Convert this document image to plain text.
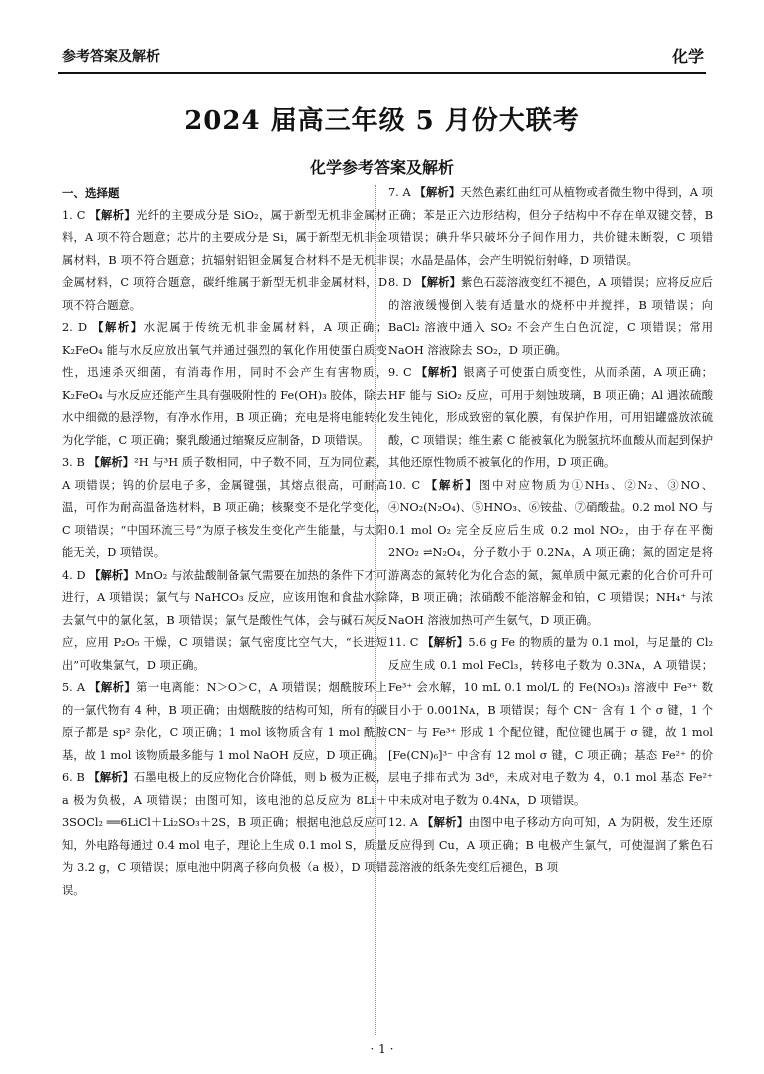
参考答案及解析	化学
2024 届高三年级 5 月份大联考
化学参考答案及解析
一、选择题

1. C 【解析】光纤的主要成分是 SiO₂，属于新型无机非金属材料，A 项不符合题意；芯片的主要成分是 Si，属于新型无机非金属材料，B 项不符合题意；抗辐射铝钽金属复合材料不是无机非金属材料，C 项符合题意，碳纤维属于新型无机非金属材料，D 项不符合题意。

2. D 【解析】水泥属于传统无机非金属材料，A 项正确；K₂FeO₄ 能与水反应放出氧气并通过强烈的氧化作用使蛋白质变性，迅速杀灭细菌，有消毒作用，同时不会产生有害物质，K₂FeO₄ 与水反应还能产生具有强吸附性的 Fe(OH)₃ 胶体，除去水中细微的悬浮物，有净水作用，B 项正确；充电是将电能转化为化学能，C 项正确；聚乳酸通过缩聚反应制备，D 项错误。

3. B 【解析】²H 与³H 质子数相同，中子数不同，互为同位素，A 项错误；钨的价层电子多，金属键强，其熔点很高，可耐高温，可作为耐高温备选材料，B 项正确；核聚变不是化学变化，C 项错误；“中国环流三号”为原子核发生变化产生能量，与太阳能无关，D 项错误。

4. D 【解析】MnO₂ 与浓盐酸制备氯气需要在加热的条件下才可进行，A 项错误；氯气与 NaHCO₃ 反应，应该用饱和食盐水除去氯气中的氯化氢，B 项错误；氯气是酸性气体，会与碱石灰反应，应用 P₂O₅ 干燥，C 项错误；氯气密度比空气大，“长进短出”可收集氯气，D 项正确。

5. A 【解析】第一电离能：N＞O＞C，A 项错误；烟酰胺环上的一氯代物有 4 种，B 项正确；由烟酰胺的结构可知，所有的碳原子都是 sp² 杂化，C 项正确；1 mol 该物质含有 1 mol 酰胺基，故 1 mol 该物质最多能与 1 mol NaOH 反应，D 项正确。

6. B 【解析】石墨电极上的反应物化合价降低，则 b 极为正极，a 极为负极，A 项错误；由图可知，该电池的总反应为 8Li＋3SOCl₂ ══6LiCl＋Li₂SO₃＋2S，B 项正确；根据电池总反应可知，外电路每通过 0.4 mol 电子，理论上生成 0.1 mol S，质量为 3.2 g，C 项错误；原电池中阴离子移向负极（a 极），D 项错误。

7. A 【解析】天然色素红曲红可从植物或者微生物中得到，A 项正确；苯是正六边形结构，但分子结构中不存在单双键交替，B 项错误；碘升华只破坏分子间作用力，共价键未断裂，C 项错误；水晶是晶体，会产生明锐衍射峰，D 项错误。

8. D 【解析】紫色石蕊溶液变红不褪色，A 项错误；应将反应后的溶液缓慢倒入装有适量水的烧杯中并搅拌，B 项错误；向 BaCl₂ 溶液中通入 SO₂ 不会产生白色沉淀，C 项错误；常用 NaOH 溶液除去 SO₂，D 项正确。

9. C 【解析】银离子可使蛋白质变性，从而杀菌，A 项正确；HF 能与 SiO₂ 反应，可用于刻蚀玻璃，B 项正确；Al 遇浓硫酸发生钝化，形成致密的氧化膜，有保护作用，可用铝罐盛放浓硫酸，C 项错误；维生素 C 能被氧化为脱氢抗坏血酸从而起到保护其他还原性物质不被氧化的作用，D 项正确。

10. C 【解析】图中对应物质为①NH₃、②N₂、③NO、④NO₂(N₂O₄)、⑤HNO₃、⑥铵盐、⑦硝酸盐。0.2 mol NO 与 0.1 mol O₂ 完全反应后生成 0.2 mol NO₂，由于存在平衡 2NO₂ ⇌N₂O₄，分子数小于 0.2Nᴀ，A 项正确；氮的固定是将游离态的氮转化为化合态的氮，氮单质中氮元素的化合价可升可降，B 项正确；浓硝酸不能溶解金和铂，C 项错误；NH₄⁺ 与浓 NaOH 溶液加热可产生氨气，D 项正确。

11. C 【解析】5.6 g Fe 的物质的量为 0.1 mol，与足量的 Cl₂ 反应生成 0.1 mol FeCl₃，转移电子数为 0.3Nᴀ，A 项错误；Fe³⁺ 会水解，10 mL 0.1 mol/L 的 Fe(NO₃)₃ 溶液中 Fe³⁺ 数目小于 0.001Nᴀ，B 项错误；每个 CN⁻ 含有 1 个 σ 键，1 个 CN⁻ 与 Fe³⁺ 形成 1 个配位键，配位键也属于 σ 键，故 1 mol [Fe(CN)₆]³⁻ 中含有 12 mol σ 键，C 项正确；基态 Fe²⁺ 的价层电子排布式为 3d⁶，未成对电子数为 4，0.1 mol 基态 Fe²⁺ 中未成对电子数为 0.4Nᴀ，D 项错误。

12. A 【解析】由图中电子移动方向可知，A 为阴极，发生还原反应得到 Cu，A 项正确；B 电极产生氯气，可使湿润了紫色石蕊溶液的纸条先变红后褪色，B 项

· 1 ·
